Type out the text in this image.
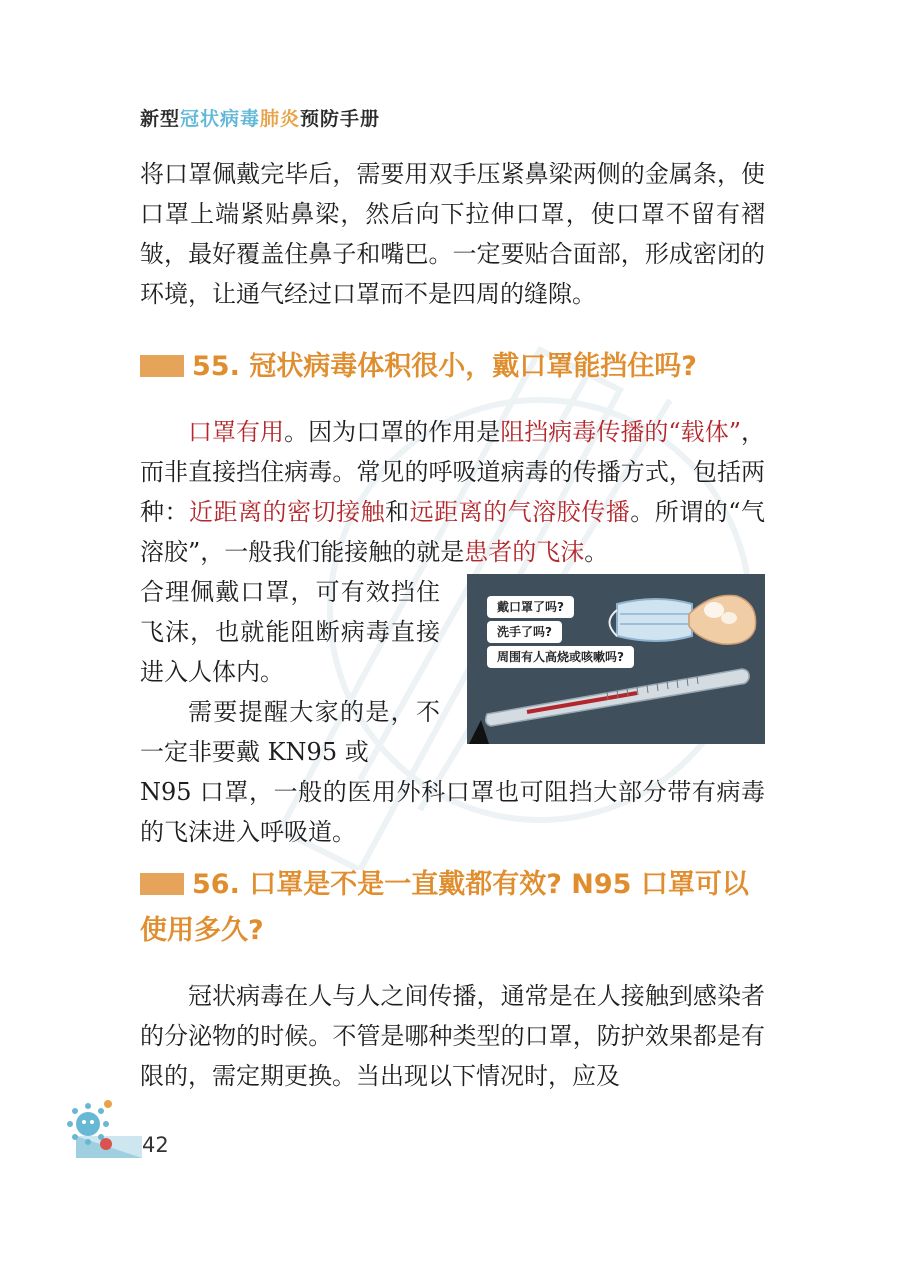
新型冠状病毒肺炎预防手册

将口罩佩戴完毕后，需要用双手压紧鼻梁两侧的金属条，使口罩上端紧贴鼻梁，然后向下拉伸口罩，使口罩不留有褶皱，最好覆盖住鼻子和嘴巴。一定要贴合面部，形成密闭的环境，让通气经过口罩而不是四周的缝隙。

55. 冠状病毒体积很小，戴口罩能挡住吗?

口罩有用。因为口罩的作用是阻挡病毒传播的“载体”，而非直接挡住病毒。常见的呼吸道病毒的传播方式，包括两种：近距离的密切接触和远距离的气溶胶传播。所谓的“气溶胶”，一般我们能接触的就是患者的飞沫。

合理佩戴口罩，可有效挡住飞沫，也就能阻断病毒直接进入人体内。

需要提醒大家的是，不一定非要戴 KN95 或

N95 口罩，一般的医用外科口罩也可阻挡大部分带有病毒的飞沫进入呼吸道。

戴口罩了吗?
洗手了吗?
周围有人高烧或咳嗽吗?
56. 口罩是不是一直戴都有效? N95 口罩可以使用多久?

冠状病毒在人与人之间传播，通常是在人接触到感染者的分泌物的时候。不管是哪种类型的口罩，防护效果都是有限的，需定期更换。当出现以下情况时，应及

42
